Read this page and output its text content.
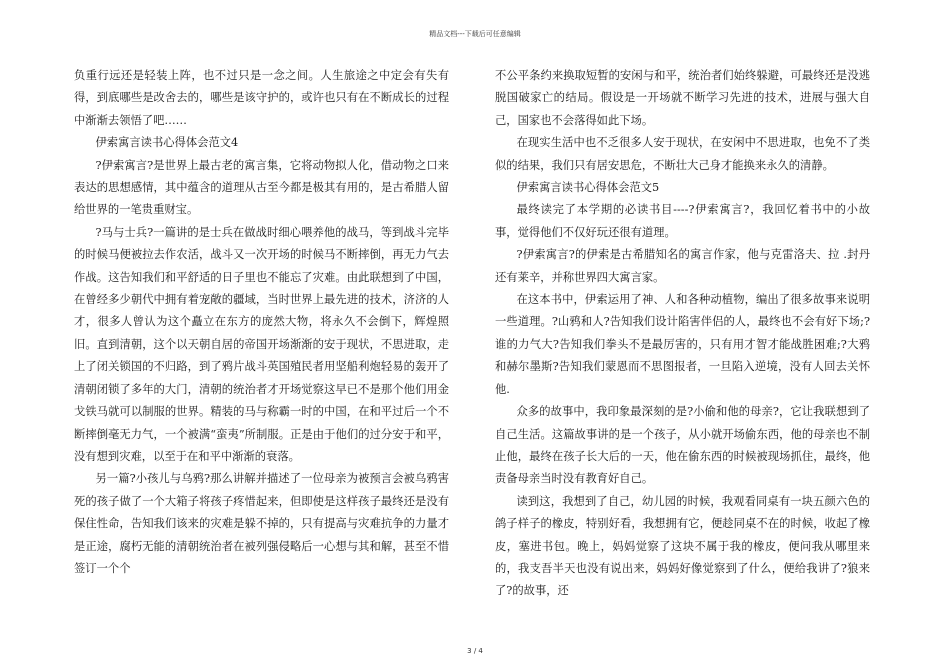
精品文档---下载后可任意编辑

负重行远还是轻装上阵，也不过只是一念之间。人生旅途之中定会有失有得，到底哪些是改舍去的，哪些是该守护的，或许也只有在不断成长的过程中渐渐去领悟了吧……

伊索寓言读书心得体会范文4

?伊索寓言?是世界上最古老的寓言集，它将动物拟人化，借动物之口来表达的思想感情，其中蕴含的道理从古至今都是极其有用的，是古希腊人留给世界的一笔贵重财宝。

?马与士兵?一篇讲的是士兵在做战时细心喂养他的战马，等到战斗完毕的时候马便被拉去作农活，战斗又一次开场的时候马不断摔倒，再无力气去作战。这告知我们和平舒适的日子里也不能忘了灾难。由此联想到了中国，在曾经多少朝代中拥有着宠敞的疆域，当时世界上最先进的技术，济济的人才，很多人曾认为这个矗立在东方的庞然大物，将永久不会倒下，辉煌照旧。直到清朝，这个以天朝自居的帝国开场渐渐的安于现状，不思进取，走上了闭关锁国的不归路，到了鸦片战斗英国殖民者用坚船利炮轻易的轰开了清朝闭锁了多年的大门，清朝的统治者才开场觉察这早已不是那个他们用金戈铁马就可以制服的世界。精装的马与称霸一时的中国，在和平过后一个不断摔倒毫无力气，一个被满“蛮夷”所制服。正是由于他们的过分安于和平，没有想到灾难，以至于在和平中渐渐的衰落。

另一篇?小孩儿与乌鸦?那么讲解并描述了一位母亲为被预言会被乌鸦害死的孩子做了一个大箱子将孩子疼惜起来，但即使是这样孩子最终还是没有保住性命，告知我们该来的灾难是躲不掉的，只有提高与灾难抗争的力量才是正途，腐朽无能的清朝统治者在被列强侵略后一心想与其和解，甚至不惜签订一个个

不公平条约来换取短暂的安闲与和平，统治者们始终躲避，可最终还是没逃脱国破家亡的结局。假设是一开场就不断学习先进的技术，进展与强大自己，国家也不会落得如此下场。

在现实生活中也不乏很多人安于现状，在安闲中不思进取，也免不了类似的结果，我们只有居安思危，不断壮大己身才能换来永久的清静。

伊索寓言读书心得体会范文5

最终读完了本学期的必读书目----?伊索寓言?，我回忆着书中的小故事，觉得他们不仅好玩还很有道理。

?伊索寓言?的伊索是古希腊知名的寓言作家，他与克雷洛夫、拉 .封丹还有莱辛，并称世界四大寓言家。

在这本书中，伊索运用了神、人和各种动植物，编出了很多故事来说明一些道理。?山鸦和人?告知我们设计陷害伴侣的人，最终也不会有好下场;?谁的力气大?告知我们拳头不是最厉害的，只有用才智才能战胜困难;?大鸦和赫尔墨斯?告知我们蒙恩而不思图报者，一旦陷入逆境，没有人回去关怀他.

众多的故事中，我印象最深刻的是?小偷和他的母亲?，它让我联想到了自己生活。这篇故事讲的是一个孩子，从小就开场偷东西，他的母亲也不制止他，最终在孩子长大后的一天，他在偷东西的时候被现场抓住，最终，他责备母亲当时没有教育好自己。

读到这，我想到了自己，幼儿园的时候，我观看同桌有一块五颜六色的鸽子样子的橡皮，特别好看，我想拥有它，便趁同桌不在的时候，收起了橡皮，塞进书包。晚上，妈妈觉察了这块不属于我的橡皮，便问我从哪里来的，我支吾半天也没有说出来，妈妈好像觉察到了什么，便给我讲了?狼来了?的故事，还

3 / 4
